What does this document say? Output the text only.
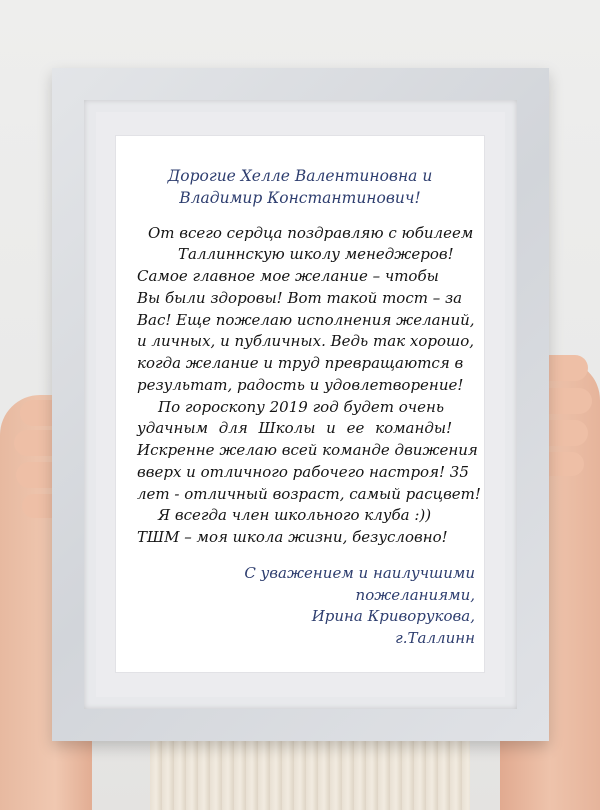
Дорогие Хелле Валентиновна и
Владимир Константинович!
От всего сердца поздравляю с юбилеем
Таллиннскую школу менеджеров!
Самое главное мое желание – чтобы
Вы были здоровы! Вот такой тост – за
Вас! Еще пожелаю исполнения желаний,
и личных, и публичных. Ведь так хорошо,
когда желание и труд превращаются в
результат, радость и удовлетворение!
По гороскопу 2019 год будет очень
удачным для Школы и ее команды!
Искренне желаю всей команде движения
вверх и отличного рабочего настроя! 35
лет - отличный возраст, самый расцвет!
Я всегда член школьного клуба :))
ТШМ – моя школа жизни, безусловно!
С уважением и наилучшими
пожеланиями,
Ирина Криворукова,
г.Таллинн
